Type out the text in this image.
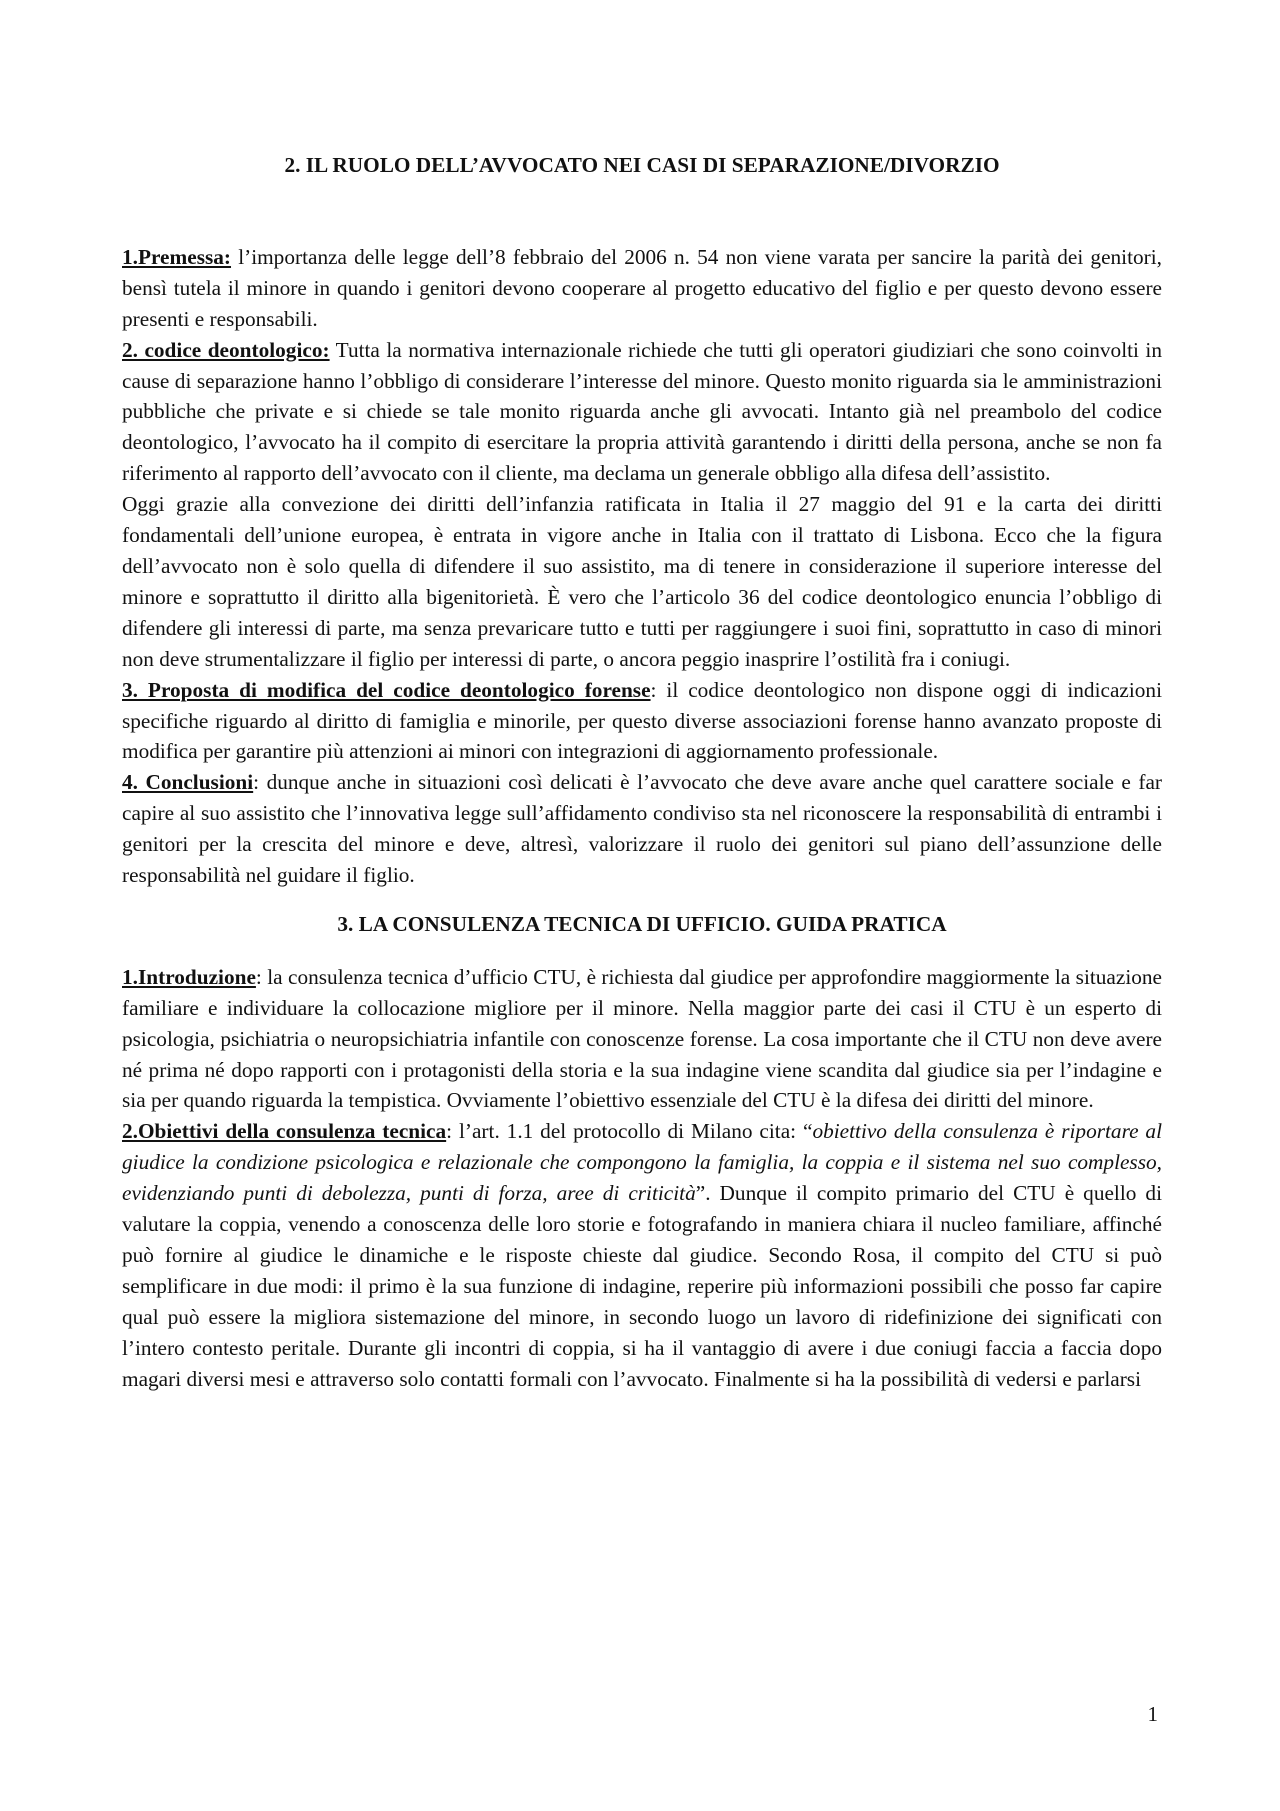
2. IL RUOLO DELL’AVVOCATO NEI CASI DI SEPARAZIONE/DIVORZIO

1.Premessa: l’importanza delle legge dell’8 febbraio del 2006 n. 54 non viene varata per sancire la parità dei genitori, bensì tutela il minore in quando i genitori devono cooperare al progetto educativo del figlio e per questo devono essere presenti e responsabili.

2. codice deontologico: Tutta la normativa internazionale richiede che tutti gli operatori giudiziari che sono coinvolti in cause di separazione hanno l’obbligo di considerare l’interesse del minore. Questo monito riguarda sia le amministrazioni pubbliche che private e si chiede se tale monito riguarda anche gli avvocati. Intanto già nel preambolo del codice deontologico, l’avvocato ha il compito di esercitare la propria attività garantendo i diritti della persona, anche se non fa riferimento al rapporto dell’avvocato con il cliente, ma declama un generale obbligo alla difesa dell’assistito.

Oggi grazie alla convezione dei diritti dell’infanzia ratificata in Italia il 27 maggio del 91 e la carta dei diritti fondamentali dell’unione europea, è entrata in vigore anche in Italia con il trattato di Lisbona. Ecco che la figura dell’avvocato non è solo quella di difendere il suo assistito, ma di tenere in considerazione il superiore interesse del minore e soprattutto il diritto alla bigenitorietà. È vero che l’articolo 36 del codice deontologico enuncia l’obbligo di difendere gli interessi di parte, ma senza prevaricare tutto e tutti per raggiungere i suoi fini, soprattutto in caso di minori non deve strumentalizzare il figlio per interessi di parte, o ancora peggio inasprire l’ostilità fra i coniugi.

3. Proposta di modifica del codice deontologico forense: il codice deontologico non dispone oggi di indicazioni specifiche riguardo al diritto di famiglia e minorile, per questo diverse associazioni forense hanno avanzato proposte di modifica per garantire più attenzioni ai minori con integrazioni di aggiornamento professionale.

4. Conclusioni: dunque anche in situazioni così delicati è l’avvocato che deve avare anche quel carattere sociale e far capire al suo assistito che l’innovativa legge sull’affidamento condiviso sta nel riconoscere la responsabilità di entrambi i genitori per la crescita del minore e deve, altresì, valorizzare il ruolo dei genitori sul piano dell’assunzione delle responsabilità nel guidare il figlio.

3. LA CONSULENZA TECNICA DI UFFICIO. GUIDA PRATICA

1.Introduzione: la consulenza tecnica d’ufficio CTU, è richiesta dal giudice per approfondire maggiormente la situazione familiare e individuare la collocazione migliore per il minore. Nella maggior parte dei casi il CTU è un esperto di psicologia, psichiatria o neuropsichiatria infantile con conoscenze forense. La cosa importante che il CTU non deve avere né prima né dopo rapporti con i protagonisti della storia e la sua indagine viene scandita dal giudice sia per l’indagine e sia per quando riguarda la tempistica. Ovviamente l’obiettivo essenziale del CTU è la difesa dei diritti del minore.

2.Obiettivi della consulenza tecnica: l’art. 1.1 del protocollo di Milano cita: “obiettivo della consulenza è riportare al giudice la condizione psicologica e relazionale che compongono la famiglia, la coppia e il sistema nel suo complesso, evidenziando punti di debolezza, punti di forza, aree di criticità”. Dunque il compito primario del CTU è quello di valutare la coppia, venendo a conoscenza delle loro storie e fotografando in maniera chiara il nucleo familiare, affinché può fornire al giudice le dinamiche e le risposte chieste dal giudice. Secondo Rosa, il compito del CTU si può semplificare in due modi: il primo è la sua funzione di indagine, reperire più informazioni possibili che posso far capire qual può essere la migliora sistemazione del minore, in secondo luogo un lavoro di ridefinizione dei significati con l’intero contesto peritale. Durante gli incontri di coppia, si ha il vantaggio di avere i due coniugi faccia a faccia dopo magari diversi mesi e attraverso solo contatti formali con l’avvocato. Finalmente si ha la possibilità di vedersi e parlarsi

1
